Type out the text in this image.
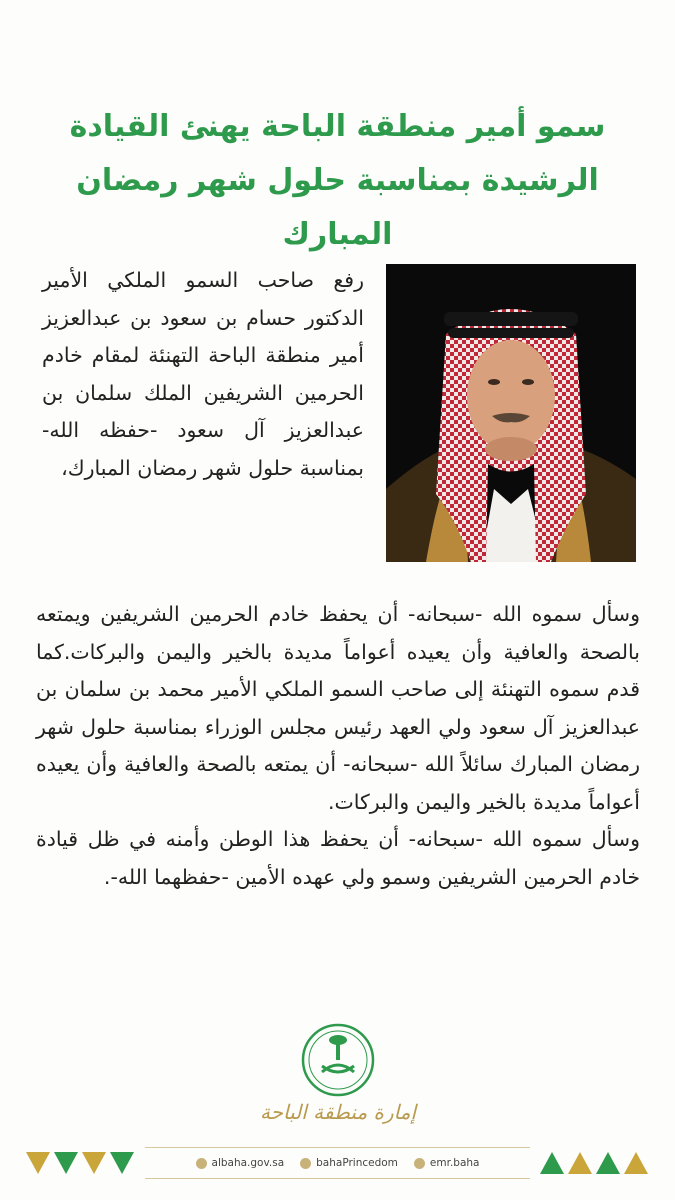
سمو أمير منطقة الباحة يهنئ القيادة
الرشيدة بمناسبة حلول شهر رمضان المبارك

رفع صاحب السمو الملكي الأمير الدكتور حسام بن سعود بن عبدالعزيز أمير منطقة الباحة التهنئة لمقام خادم الحرمين الشريفين الملك سلمان بن عبدالعزيز آل سعود -حفظه الله- بمناسبة حلول شهر رمضان المبارك،

وسأل سموه الله -سبحانه- أن يحفظ خادم الحرمين الشريفين ويمتعه بالصحة والعافية وأن يعيده أعواماً مديدة بالخير واليمن والبركات.كما قدم سموه التهنئة إلى صاحب السمو الملكي الأمير محمد بن سلمان بن عبدالعزيز آل سعود ولي العهد رئيس مجلس الوزراء بمناسبة حلول شهر رمضان المبارك سائلاً الله -سبحانه- أن يمتعه بالصحة والعافية وأن يعيده أعواماً مديدة بالخير واليمن والبركات.

وسأل سموه الله -سبحانه- أن يحفظ هذا الوطن وأمنه في ظل قيادة خادم الحرمين الشريفين وسمو ولي عهده الأمين -حفظهما الله-.

إمارة منطقة الباحة
albaha.gov.sa	bahaPrincedom	emr.baha
